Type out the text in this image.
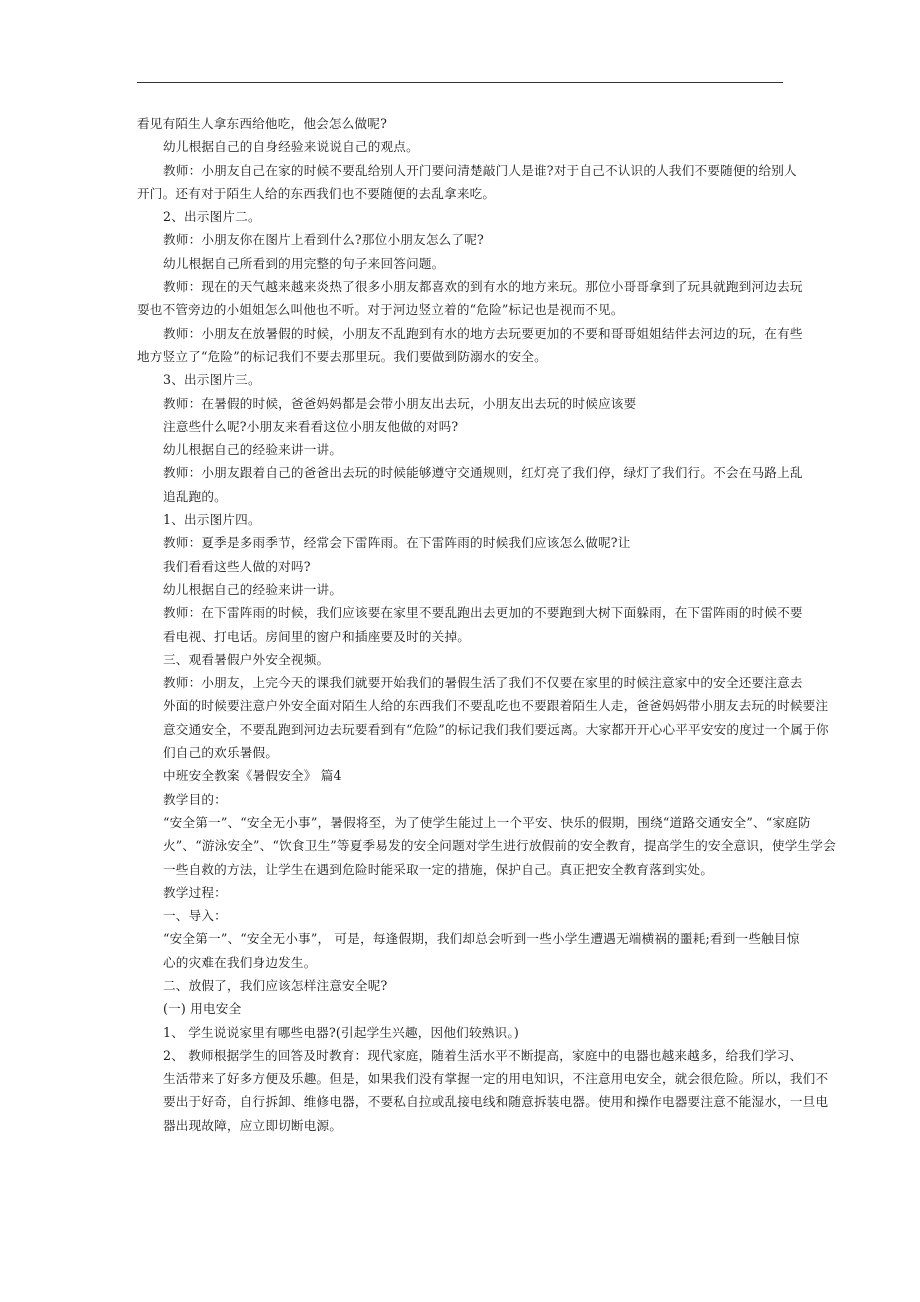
看见有陌生人拿东西给他吃，他会怎么做呢?

幼儿根据自己的自身经验来说说自己的观点。

教师：小朋友自己在家的时候不要乱给别人开门要问清楚敲门人是谁?对于自己不认识的人我们不要随便的给别人

开门。还有对于陌生人给的东西我们也不要随便的去乱拿来吃。

2、出示图片二。

教师：小朋友你在图片上看到什么?那位小朋友怎么了呢?

幼儿根据自己所看到的用完整的句子来回答问题。

教师：现在的天气越来越来炎热了很多小朋友都喜欢的到有水的地方来玩。那位小哥哥拿到了玩具就跑到河边去玩

耍也不管旁边的小姐姐怎么叫他也不听。对于河边竖立着的“危险”标记也是视而不见。

教师：小朋友在放暑假的时候，小朋友不乱跑到有水的地方去玩要更加的不要和哥哥姐姐结伴去河边的玩，在有些

地方竖立了“危险”的标记我们不要去那里玩。我们要做到防溺水的安全。

3、出示图片三。

教师：在暑假的时候，爸爸妈妈都是会带小朋友出去玩，小朋友出去玩的时候应该要

注意些什么呢?小朋友来看看这位小朋友他做的对吗?

幼儿根据自己的经验来讲一讲。

教师：小朋友跟着自己的爸爸出去玩的时候能够遵守交通规则，红灯亮了我们停，绿灯了我们行。不会在马路上乱

追乱跑的。

1、出示图片四。

教师：夏季是多雨季节，经常会下雷阵雨。在下雷阵雨的时候我们应该怎么做呢?让

我们看看这些人做的对吗?

幼儿根据自己的经验来讲一讲。

教师：在下雷阵雨的时候，我们应该要在家里不要乱跑出去更加的不要跑到大树下面躲雨，在下雷阵雨的时候不要

看电视、打电话。房间里的窗户和插座要及时的关掉。

三、观看暑假户外安全视频。

教师：小朋友，上完今天的课我们就要开始我们的暑假生活了我们不仅要在家里的时候注意家中的安全还要注意去

外面的时候要注意户外安全面对陌生人给的东西我们不要乱吃也不要跟着陌生人走，爸爸妈妈带小朋友去玩的时候要注

意交通安全，不要乱跑到河边去玩要看到有“危险”的标记我们我们要远离。大家都开开心心平平安安的度过一个属于你

们自己的欢乐暑假。

中班安全教案《暑假安全》 篇4

教学目的：

“安全第一”、“安全无小事”，暑假将至，为了使学生能过上一个平安、快乐的假期，围绕“道路交通安全”、“家庭防

火”、“游泳安全”、“饮食卫生”等夏季易发的安全问题对学生进行放假前的安全教育，提高学生的安全意识，使学生学会

一些自救的方法，让学生在遇到危险时能采取一定的措施，保护自己。真正把安全教育落到实处。

教学过程：

一、导入：

“安全第一”、“安全无小事”， 可是，每逢假期，我们却总会听到一些小学生遭遇无端横祸的噩耗;看到一些触目惊

心的灾难在我们身边发生。

二、放假了，我们应该怎样注意安全呢?

(一) 用电安全

1、 学生说说家里有哪些电器?(引起学生兴趣，因他们较熟识。)

2、 教师根据学生的回答及时教育：现代家庭，随着生活水平不断提高，家庭中的电器也越来越多，给我们学习、

生活带来了好多方便及乐趣。但是，如果我们没有掌握一定的用电知识，不注意用电安全，就会很危险。所以，我们不

要出于好奇，自行拆卸、维修电器，不要私自拉或乱接电线和随意拆装电器。使用和操作电器要注意不能湿水，一旦电

器出现故障，应立即切断电源。
